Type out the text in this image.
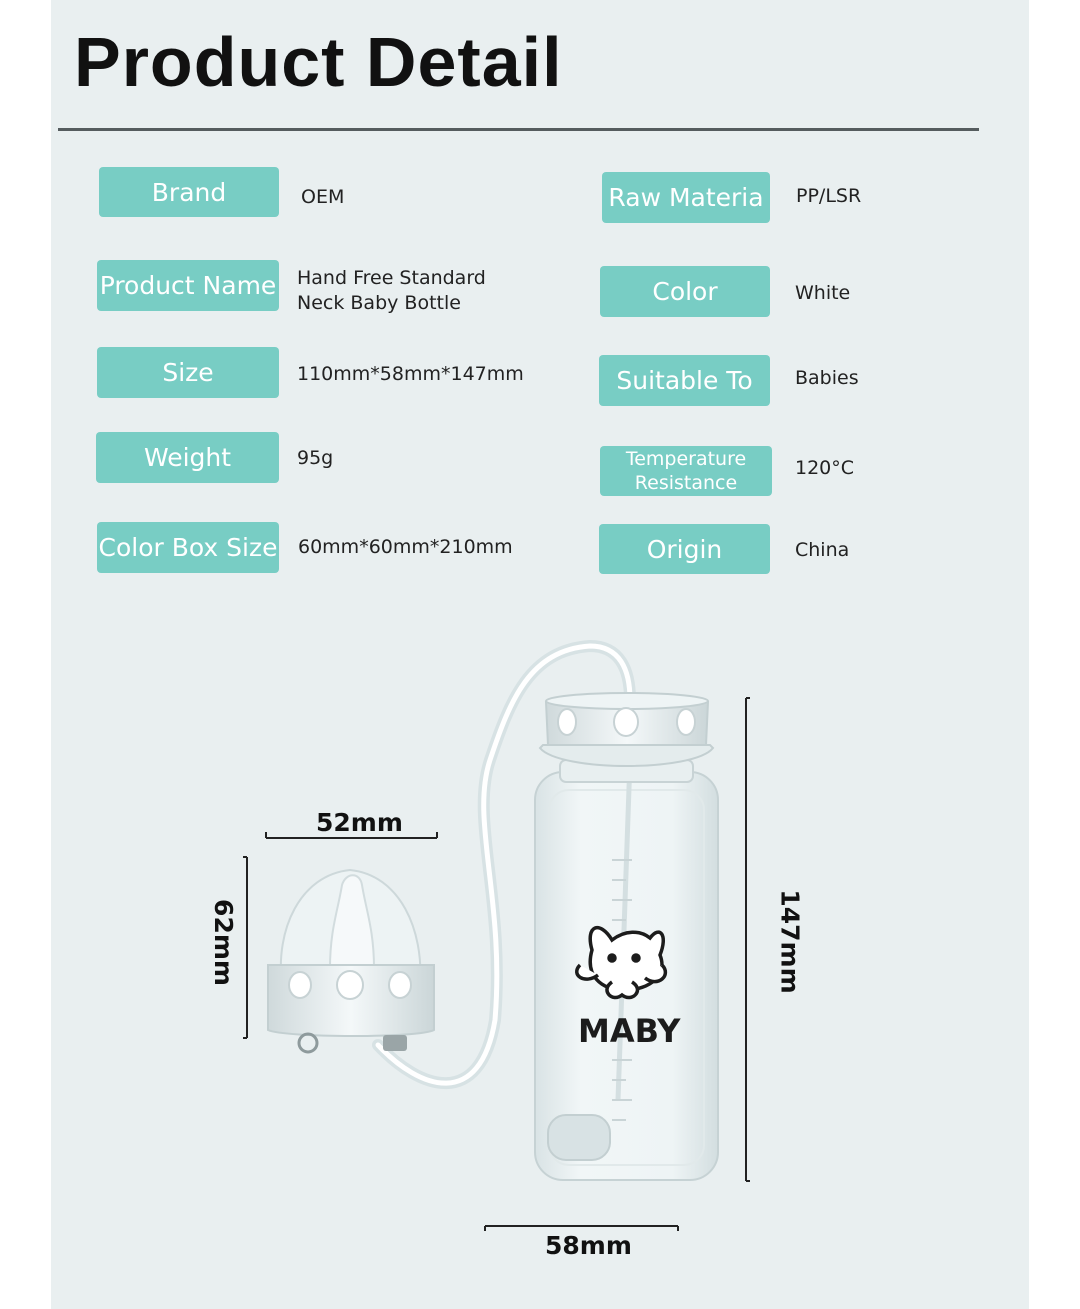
Product Detail
Brand	OEM
Product Name Hand Free Standard
Neck Baby Bottle
Size	110mm*58mm*147mm
Weight	95g
Color Box Size 60mm*60mm*210mm
Raw Materia	PP/LSR
Color	White
Suitable To	Babies
Temperature
Resistance
120°C
Origin	China
MABY
52mm
62mm	147mm
58mm
